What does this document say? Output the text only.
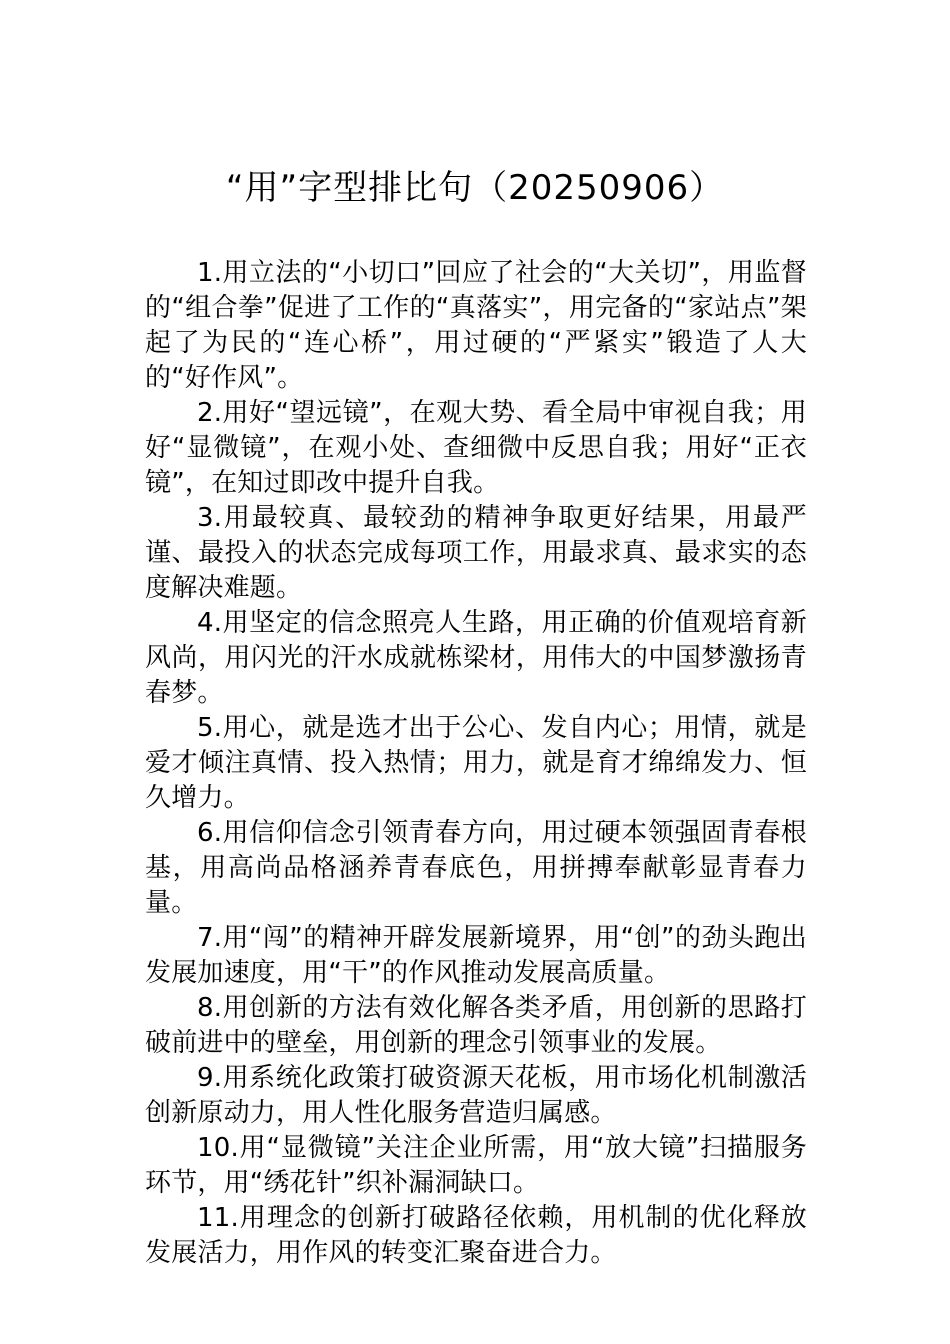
“用”字型排比句（20250906）

1.用立法的“小切口”回应了社会的“大关切”，用监督的“组合拳”促进了工作的“真落实”，用完备的“家站点”架起了为民的“连心桥”，用过硬的“严紧实”锻造了人大的“好作风”。

2.用好“望远镜”，在观大势、看全局中审视自我；用好“显微镜”，在观小处、查细微中反思自我；用好“正衣镜”，在知过即改中提升自我。

3.用最较真、最较劲的精神争取更好结果，用最严谨、最投入的状态完成每项工作，用最求真、最求实的态度解决难题。

4.用坚定的信念照亮人生路，用正确的价值观培育新风尚，用闪光的汗水成就栋梁材，用伟大的中国梦激扬青春梦。

5.用心，就是选才出于公心、发自内心；用情，就是爱才倾注真情、投入热情；用力，就是育才绵绵发力、恒久增力。

6.用信仰信念引领青春方向，用过硬本领强固青春根基，用高尚品格涵养青春底色，用拼搏奉献彰显青春力量。

7.用“闯”的精神开辟发展新境界，用“创”的劲头跑出发展加速度，用“干”的作风推动发展高质量。

8.用创新的方法有效化解各类矛盾，用创新的思路打破前进中的壁垒，用创新的理念引领事业的发展。

9.用系统化政策打破资源天花板，用市场化机制激活创新原动力，用人性化服务营造归属感。

10.用“显微镜”关注企业所需，用“放大镜”扫描服务环节，用“绣花针”织补漏洞缺口。

11.用理念的创新打破路径依赖，用机制的优化释放发展活力，用作风的转变汇聚奋进合力。
